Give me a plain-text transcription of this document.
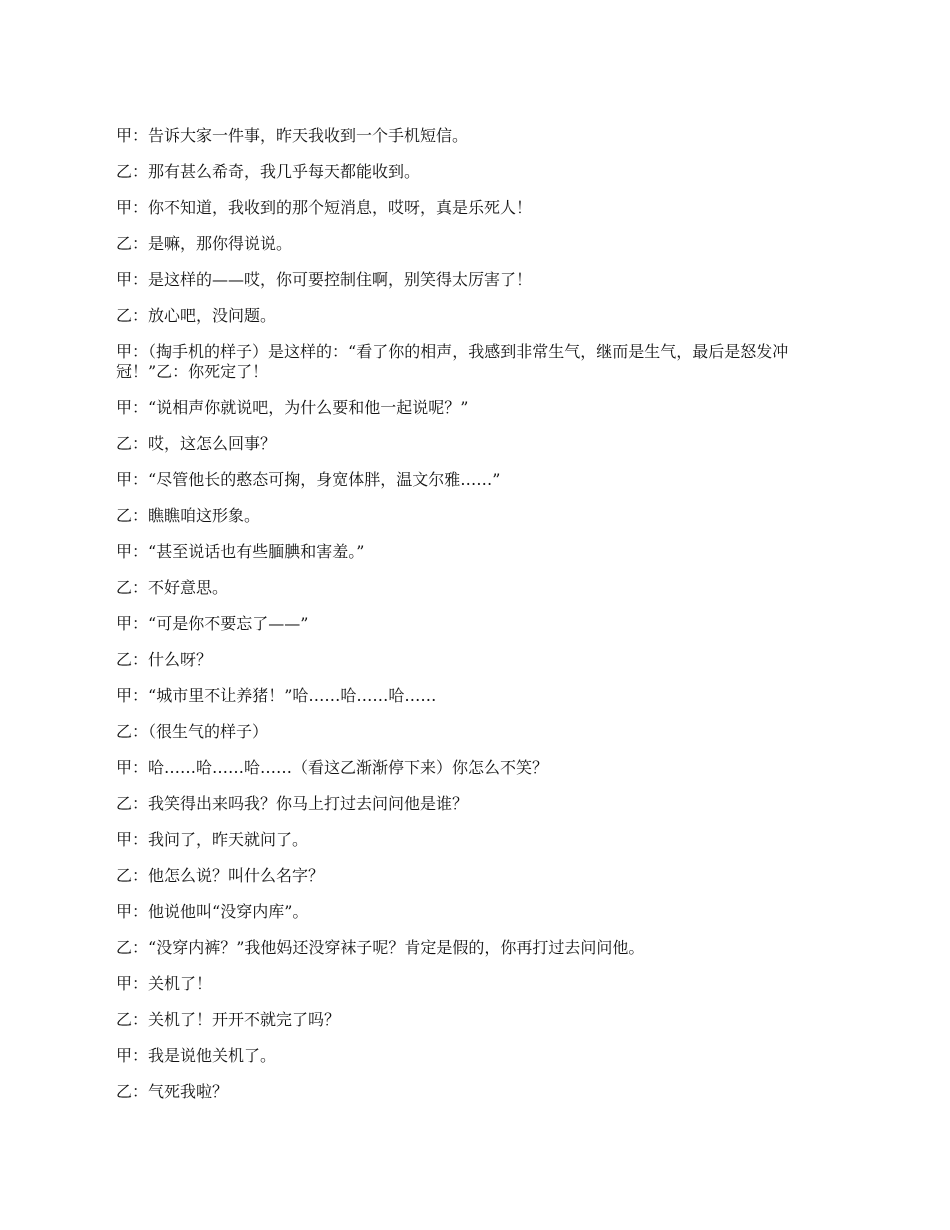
甲：告诉大家一件事，昨天我收到一个手机短信。

乙：那有甚么希奇，我几乎每天都能收到。

甲：你不知道，我收到的那个短消息，哎呀，真是乐死人！

乙：是嘛，那你得说说。

甲：是这样的——哎，你可要控制住啊，别笑得太厉害了！

乙：放心吧，没问题。

甲：（掏手机的样子）是这样的：“看了你的相声，我感到非常生气，继而是生气，最后是怒发冲冠！”乙：你死定了！

甲：“说相声你就说吧，为什么要和他一起说呢？”

乙：哎，这怎么回事？

甲：“尽管他长的憨态可掬，身宽体胖，温文尔雅……”

乙：瞧瞧咱这形象。

甲：“甚至说话也有些腼腆和害羞。”

乙：不好意思。

甲：“可是你不要忘了——”

乙：什么呀？

甲：“城市里不让养猪！”哈……哈……哈……

乙：（很生气的样子）

甲：哈……哈……哈……（看这乙渐渐停下来）你怎么不笑？

乙：我笑得出来吗我？你马上打过去问问他是谁？

甲：我问了，昨天就问了。

乙：他怎么说？叫什么名字？

甲：他说他叫“没穿内库”。

乙：“没穿内裤？”我他妈还没穿袜子呢？肯定是假的，你再打过去问问他。

甲：关机了！

乙：关机了！开开不就完了吗？

甲：我是说他关机了。

乙：气死我啦？
